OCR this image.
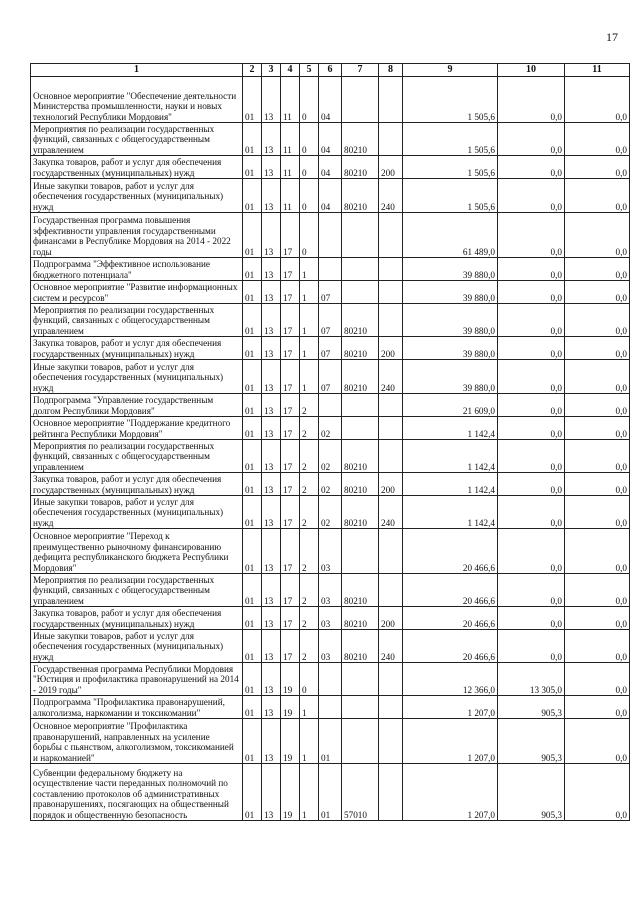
17
1	2	3	4	5	6	7	8	9	10	11
Основное мероприятие "Обеспечение деятельности Министерства промышленности, науки и новых технологий Республики Мордовия"	01	13	11	0	04			1 505,6	0,0	0,0
Мероприятия по реализации государственных функций, связанных с общегосударственным управлением	01	13	11	0	04	80210		1 505,6	0,0	0,0
Закупка товаров, работ и услуг для обеспечения государственных (муниципальных) нужд	01	13	11	0	04	80210	200	1 505,6	0,0	0,0
Иные закупки товаров, работ и услуг для обеспечения государственных (муниципальных) нужд	01	13	11	0	04	80210	240	1 505,6	0,0	0,0
Государственная программа повышения эффективности управления государственными финансами в Республике Мордовия на 2014 - 2022 годы	01	13	17	0				61 489,0	0,0	0,0
Подпрограмма "Эффективное использование бюджетного потенциала"	01	13	17	1				39 880,0	0,0	0,0
Основное мероприятие "Развитие информационных систем и ресурсов"	01	13	17	1	07			39 880,0	0,0	0,0
Мероприятия по реализации государственных функций, связанных с общегосударственным управлением	01	13	17	1	07	80210		39 880,0	0,0	0,0
Закупка товаров, работ и услуг для обеспечения государственных (муниципальных) нужд	01	13	17	1	07	80210	200	39 880,0	0,0	0,0
Иные закупки товаров, работ и услуг для обеспечения государственных (муниципальных) нужд	01	13	17	1	07	80210	240	39 880,0	0,0	0,0
Подпрограмма "Управление государственным долгом Республики Мордовия"	01	13	17	2				21 609,0	0,0	0,0
Основное мероприятие "Поддержание кредитного рейтинга Республики Мордовия"	01	13	17	2	02			1 142,4	0,0	0,0
Мероприятия по реализации государственных функций, связанных с общегосударственным управлением	01	13	17	2	02	80210		1 142,4	0,0	0,0
Закупка товаров, работ и услуг для обеспечения государственных (муниципальных) нужд	01	13	17	2	02	80210	200	1 142,4	0,0	0,0
Иные закупки товаров, работ и услуг для обеспечения государственных (муниципальных) нужд	01	13	17	2	02	80210	240	1 142,4	0,0	0,0
Основное мероприятие "Переход к преимущественно рыночному финансированию дефицита республиканского бюджета Республики Мордовия"	01	13	17	2	03			20 466,6	0,0	0,0
Мероприятия по реализации государственных функций, связанных с общегосударственным управлением	01	13	17	2	03	80210		20 466,6	0,0	0,0
Закупка товаров, работ и услуг для обеспечения государственных (муниципальных) нужд	01	13	17	2	03	80210	200	20 466,6	0,0	0,0
Иные закупки товаров, работ и услуг для обеспечения государственных (муниципальных) нужд	01	13	17	2	03	80210	240	20 466,6	0,0	0,0
Государственная программа Республики Мордовия "Юстиция и профилактика правонарушений на 2014 - 2019 годы"	01	13	19	0				12 366,0	13 305,0	0,0
Подпрограмма "Профилактика правонарушений, алкоголизма, наркомании и токсикомании"	01	13	19	1				1 207,0	905,3	0,0
Основное мероприятие "Профилактика правонарушений, направленных на усиление борьбы с пьянством, алкоголизмом, токсикоманией и наркоманией"	01	13	19	1	01			1 207,0	905,3	0,0
Субвенции федеральному бюджету на осуществление части переданных полномочий по составлению протоколов об административных правонарушениях, посягающих на общественный порядок и общественную безопасность	01	13	19	1	01	57010		1 207,0	905,3	0,0
